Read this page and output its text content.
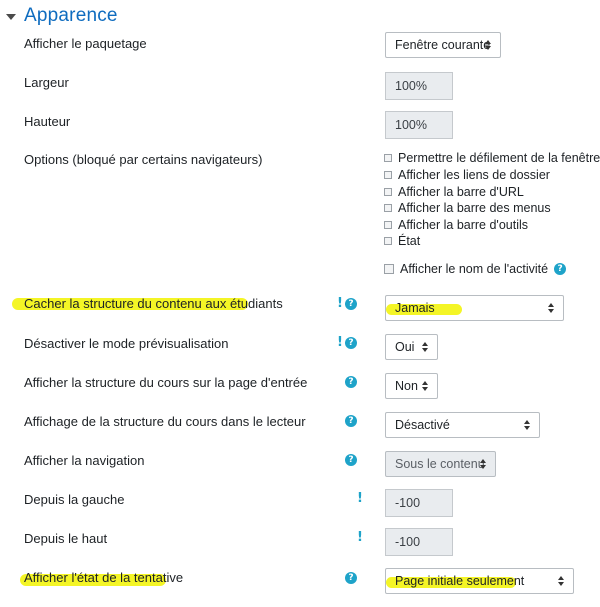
Apparence
Afficher le paquetage	Fenêtre courante
Largeur	100%
Hauteur	100%
Options (bloqué par certains navigateurs)	Permettre le défilement de la fenêtre
Afficher les liens de dossier
Afficher la barre d'URL
Afficher la barre des menus
Afficher la barre d'outils
État
Afficher le nom de l'activité	?
Cacher la structure du contenu aux étudiants	! ?	Jamais
Désactiver le mode prévisualisation	! ?	Oui
Afficher la structure du cours sur la page d'entrée	?	Non
Affichage de la structure du cours dans le lecteur	?	Désactivé
Afficher la navigation	?	Sous le contenu
Depuis la gauche	!	-100
Depuis le haut	!	-100
Afficher l'état de la tentative	?	Page initiale seulement
